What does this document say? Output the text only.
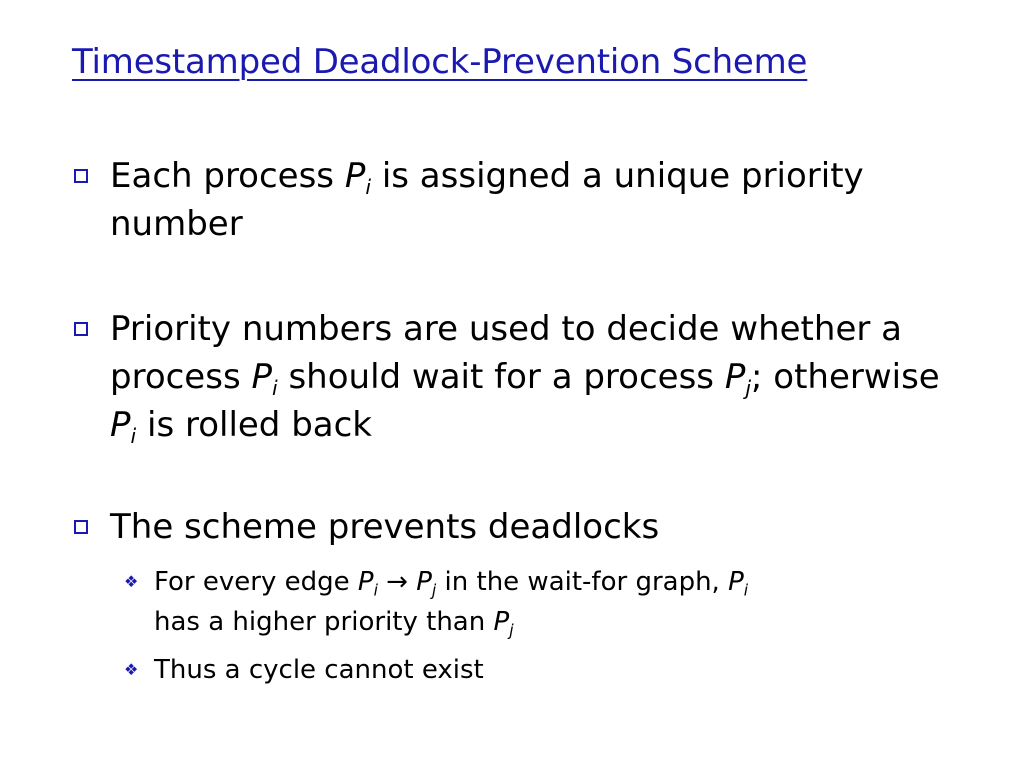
Timestamped Deadlock-Prevention Scheme
Each process $P_i$ is assigned a unique priority number
Priority numbers are used to decide whether a process $P_i$ should wait for a process $P_j$; otherwise $P_i$ is rolled back
The scheme prevents deadlocks
❖ For every edge $P_i \to P_j$ in the wait-for graph, $P_i$
has a higher priority than $P_j$
❖ Thus a cycle cannot exist
